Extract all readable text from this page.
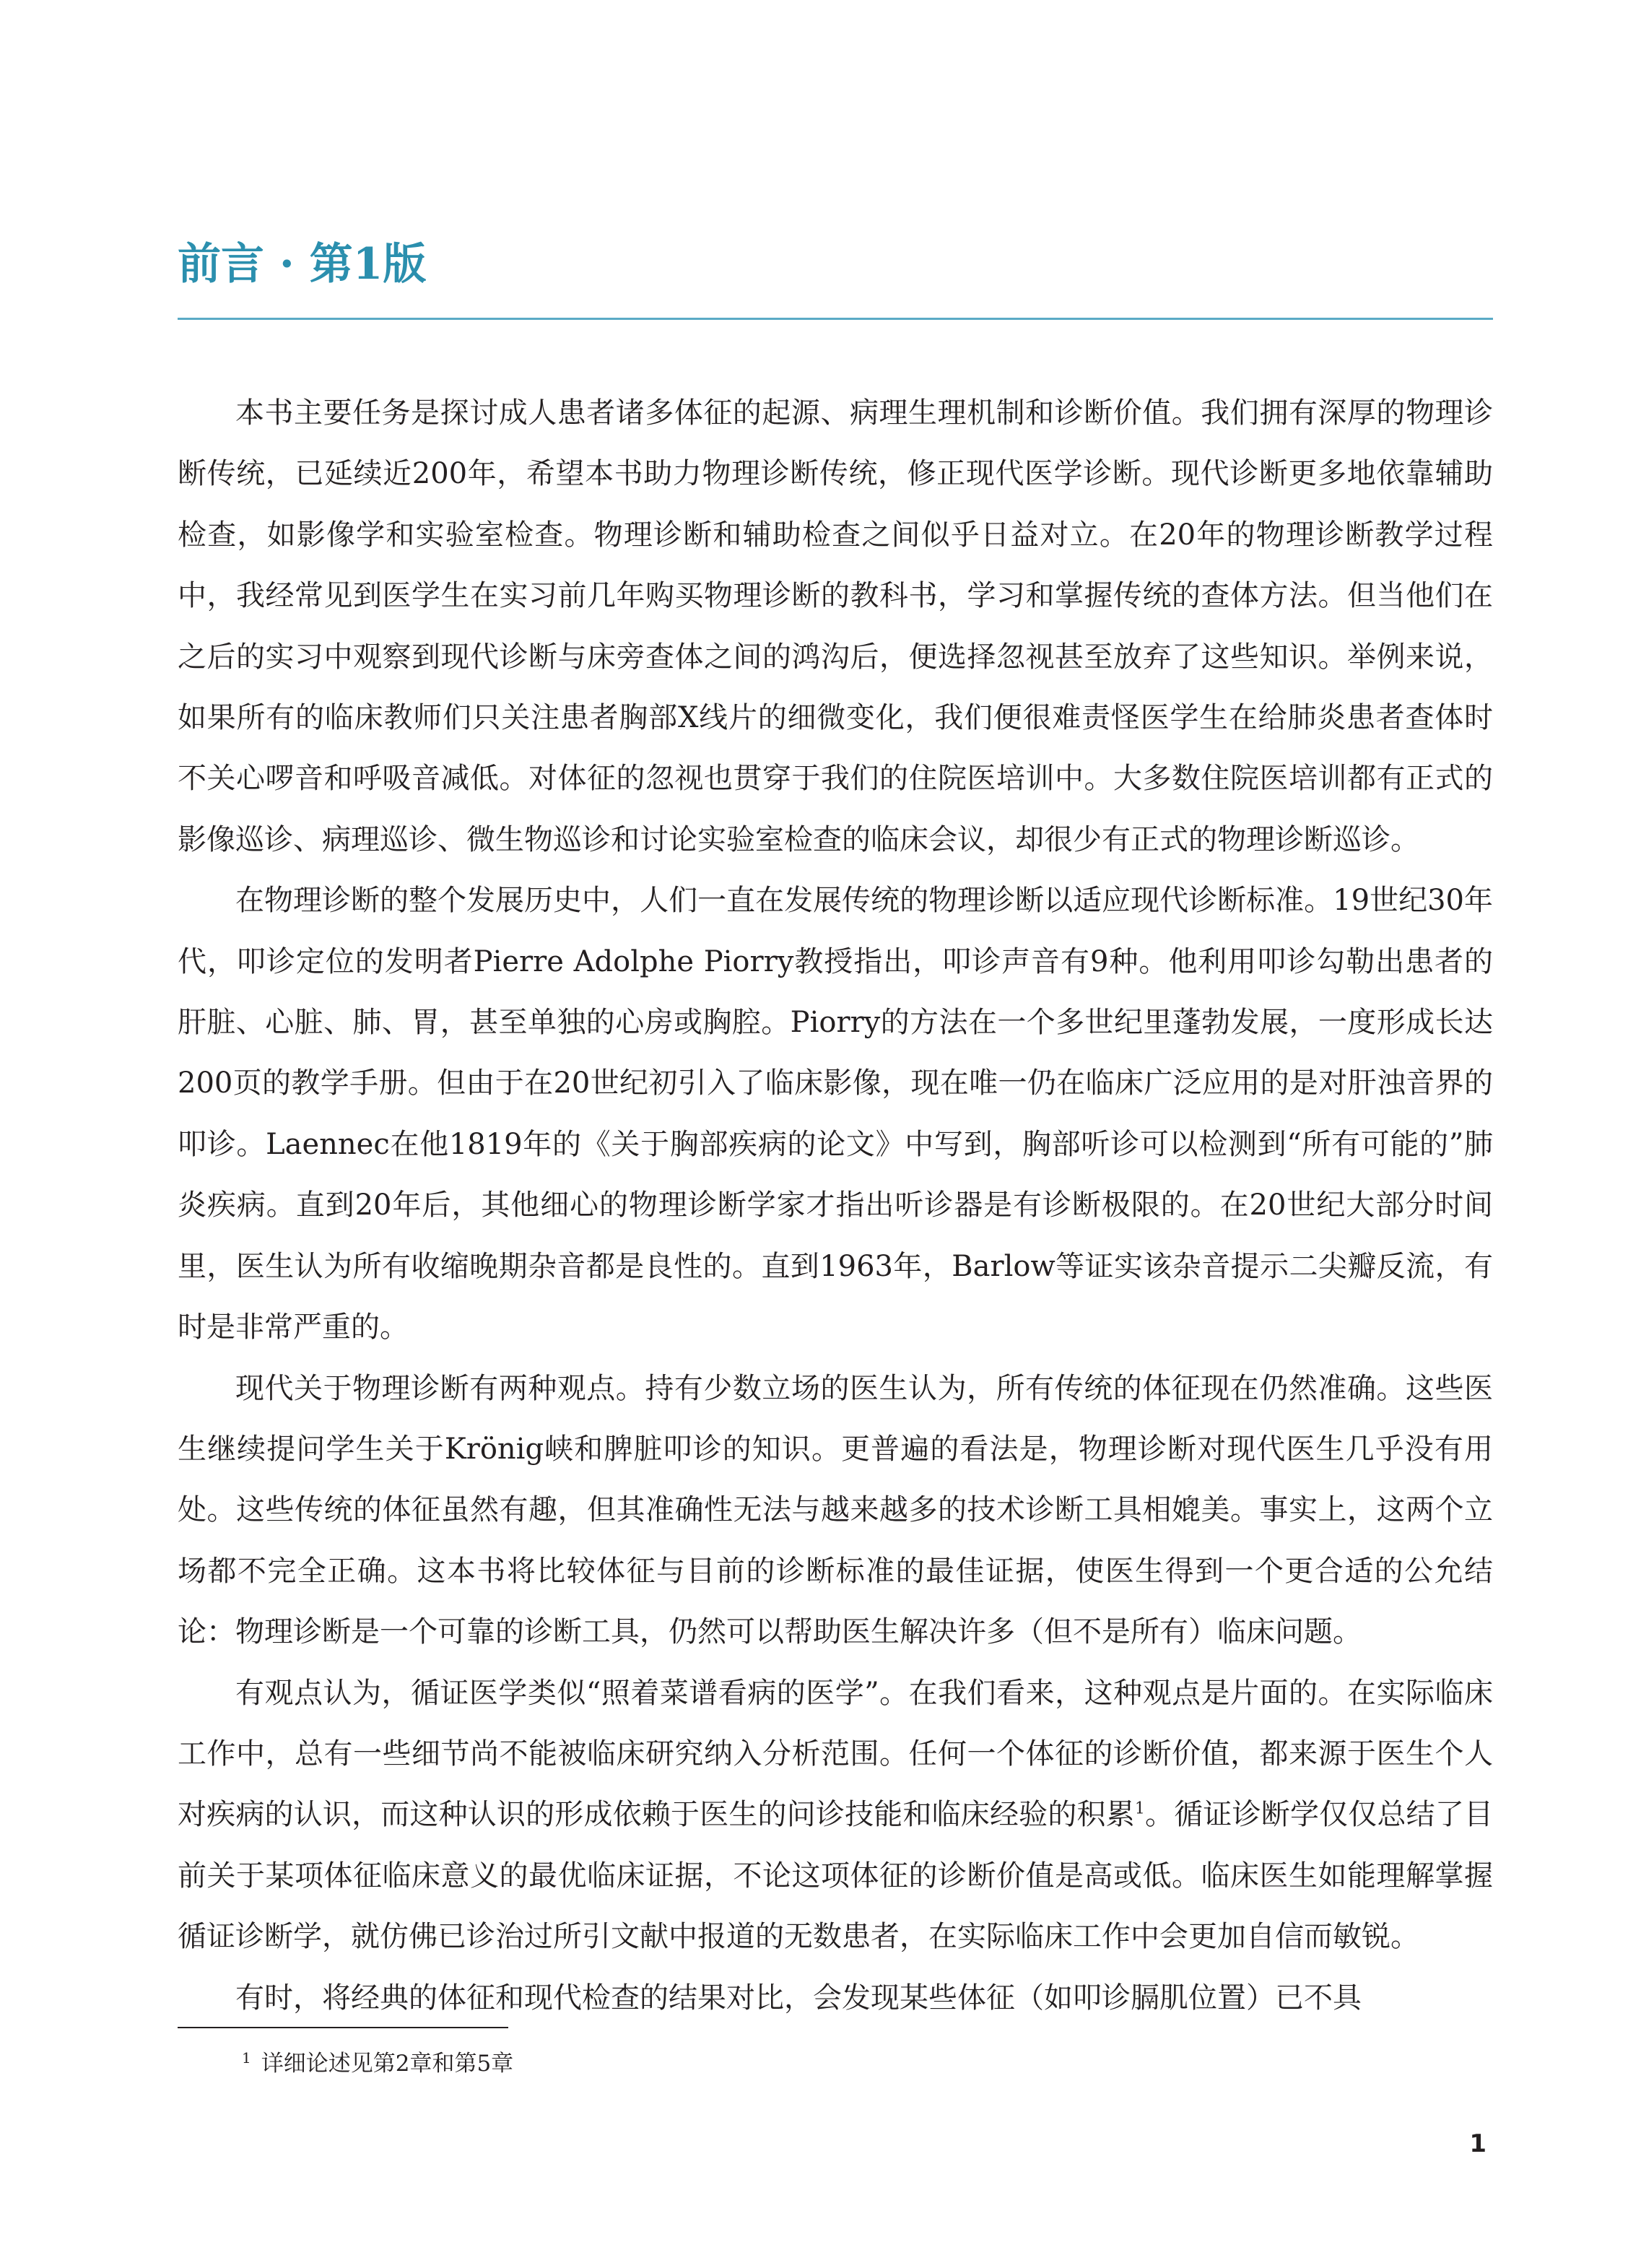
前言 · 第1版

本书主要任务是探讨成人患者诸多体征的起源、病理生理机制和诊断价值。我们拥有深厚的物理诊断传统，已延续近200年，希望本书助力物理诊断传统，修正现代医学诊断。现代诊断更多地依靠辅助检查，如影像学和实验室检查。物理诊断和辅助检查之间似乎日益对立。在20年的物理诊断教学过程中，我经常见到医学生在实习前几年购买物理诊断的教科书，学习和掌握传统的查体方法。但当他们在之后的实习中观察到现代诊断与床旁查体之间的鸿沟后，便选择忽视甚至放弃了这些知识。举例来说，如果所有的临床教师们只关注患者胸部X线片的细微变化，我们便很难责怪医学生在给肺炎患者查体时不关心啰音和呼吸音减低。对体征的忽视也贯穿于我们的住院医培训中。大多数住院医培训都有正式的影像巡诊、病理巡诊、微生物巡诊和讨论实验室检查的临床会议，却很少有正式的物理诊断巡诊。

在物理诊断的整个发展历史中，人们一直在发展传统的物理诊断以适应现代诊断标准。19世纪30年代，叩诊定位的发明者Pierre Adolphe Piorry教授指出，叩诊声音有9种。他利用叩诊勾勒出患者的肝脏、心脏、肺、胃，甚至单独的心房或胸腔。Piorry的方法在一个多世纪里蓬勃发展，一度形成长达200页的教学手册。但由于在20世纪初引入了临床影像，现在唯一仍在临床广泛应用的是对肝浊音界的叩诊。Laennec在他1819年的《关于胸部疾病的论文》中写到，胸部听诊可以检测到“所有可能的”肺炎疾病。直到20年后，其他细心的物理诊断学家才指出听诊器是有诊断极限的。在20世纪大部分时间里，医生认为所有收缩晚期杂音都是良性的。直到1963年，Barlow等证实该杂音提示二尖瓣反流，有时是非常严重的。

现代关于物理诊断有两种观点。持有少数立场的医生认为，所有传统的体征现在仍然准确。这些医生继续提问学生关于Krönig峡和脾脏叩诊的知识。更普遍的看法是，物理诊断对现代医生几乎没有用处。这些传统的体征虽然有趣，但其准确性无法与越来越多的技术诊断工具相媲美。事实上，这两个立场都不完全正确。这本书将比较体征与目前的诊断标准的最佳证据，使医生得到一个更合适的公允结论：物理诊断是一个可靠的诊断工具，仍然可以帮助医生解决许多（但不是所有）临床问题。

有观点认为，循证医学类似“照着菜谱看病的医学”。在我们看来，这种观点是片面的。在实际临床工作中，总有一些细节尚不能被临床研究纳入分析范围。任何一个体征的诊断价值，都来源于医生个人对疾病的认识，而这种认识的形成依赖于医生的问诊技能和临床经验的积累$^1$。循证诊断学仅仅总结了目前关于某项体征临床意义的最优临床证据，不论这项体征的诊断价值是高或低。临床医生如能理解掌握循证诊断学，就仿佛已诊治过所引文献中报道的无数患者，在实际临床工作中会更加自信而敏锐。

有时，将经典的体征和现代检查的结果对比，会发现某些体征（如叩诊膈肌位置）已不具

$^1$ 详细论述见第2章和第5章
1
